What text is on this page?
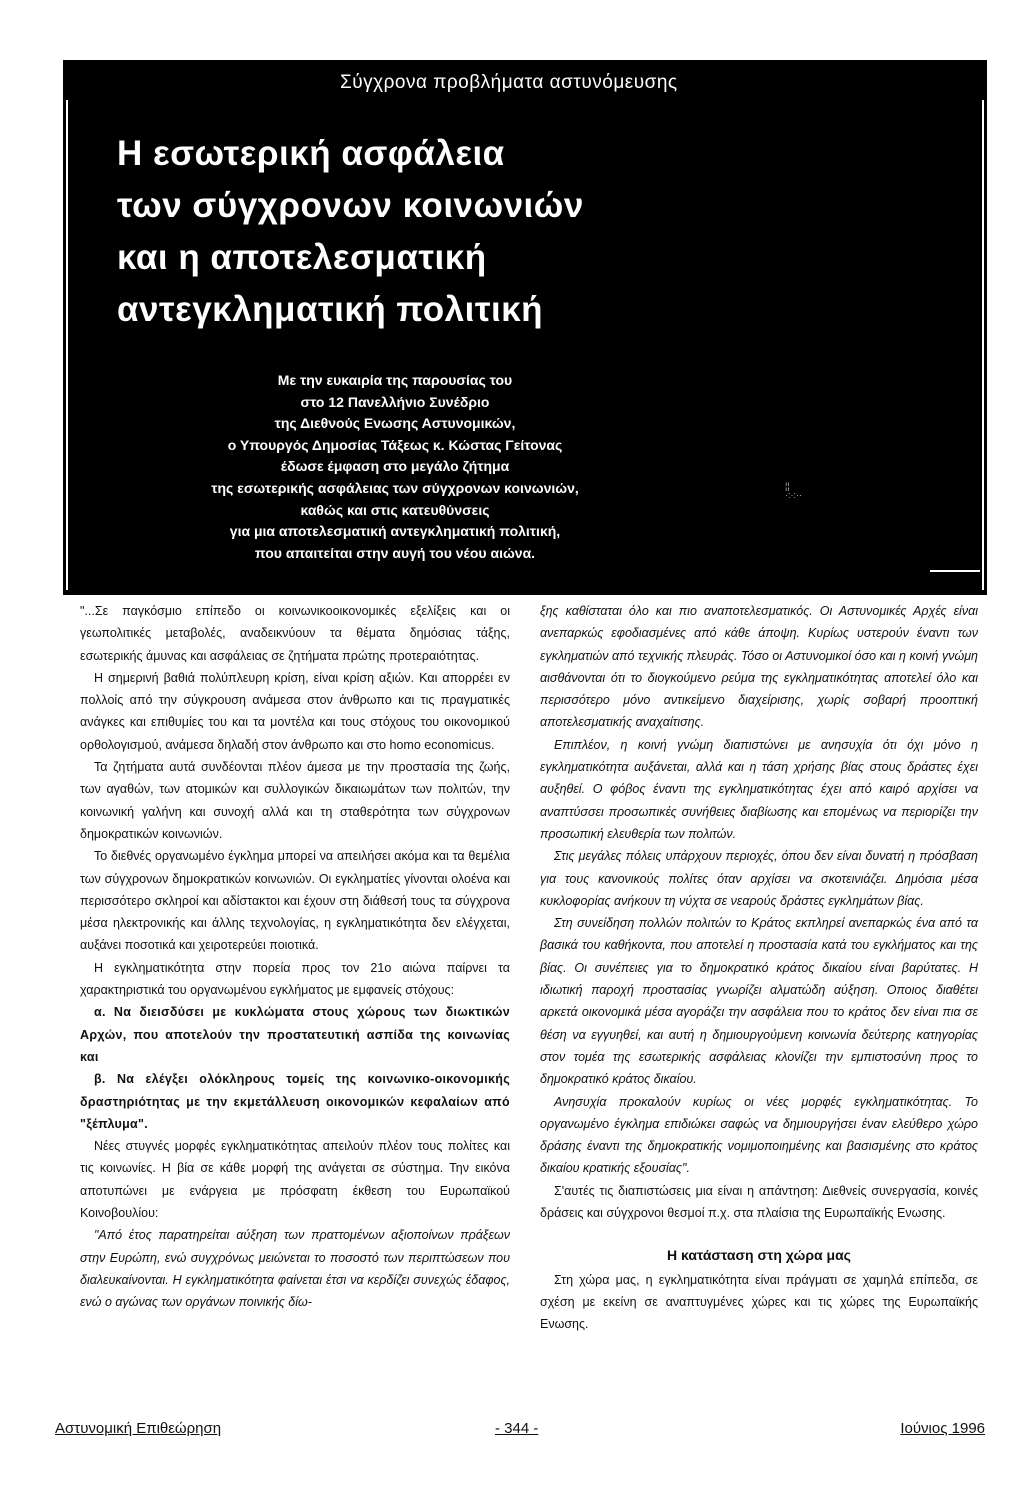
Σύγχρονα προβλήματα αστυνόμευσης

Η εσωτερική ασφάλεια
των σύγχρονων κοινωνιών
και η αποτελεσματική
αντεγκληματική πολιτική
Με την ευκαιρία της παρουσίας του
στο 12 Πανελλήνιο Συνέδριο
της Διεθνούς Ενωσης Αστυνομικών,
ο Υπουργός Δημοσίας Τάξεως κ. Κώστας Γείτονας
έδωσε έμφαση στο μεγάλο ζήτημα
της εσωτερικής ασφάλειας των σύγχρονων κοινωνιών,
καθώς και στις κατευθύνσεις
για μια αποτελεσματική αντεγκληματική πολιτική,
που απαιτείται στην αυγή του νέου αιώνα.
¦¦
·:·:··

"...Σε παγκόσμιο επίπεδο οι κοινωνικοοικονομικές εξελίξεις και οι γεωπολιτικές μεταβολές, αναδεικνύουν τα θέματα δημόσιας τάξης, εσωτερικής άμυνας και ασφάλειας σε ζητήματα πρώτης προτεραιότητας.

Η σημερινή βαθιά πολύπλευρη κρίση, είναι κρίση αξιών. Και απορρέει εν πολλοίς από την σύγκρουση ανάμεσα στον άνθρωπο και τις πραγματικές ανάγκες και επιθυμίες του και τα μοντέλα και τους στόχους του οικονομικού ορθολογισμού, ανάμεσα δηλαδή στον άνθρωπο και στο homo economicus.

Τα ζητήματα αυτά συνδέονται πλέον άμεσα με την προστασία της ζωής, των αγαθών, των ατομικών και συλλογικών δικαιωμάτων των πολιτών, την κοινωνική γαλήνη και συνοχή αλλά και τη σταθερότητα των σύγχρονων δημοκρατικών κοινωνιών.

Το διεθνές οργανωμένο έγκλημα μπορεί να απειλήσει ακόμα και τα θεμέλια των σύγχρονων δημοκρατικών κοινωνιών. Οι εγκληματίες γίνονται ολοένα και περισσότερο σκληροί και αδίστακτοι και έχουν στη διάθεσή τους τα σύγχρονα μέσα ηλεκτρονικής και άλλης τεχνολογίας, η εγκληματικότητα δεν ελέγχεται, αυξάνει ποσοτικά και χειροτερεύει ποιοτικά.

Η εγκληματικότητα στην πορεία προς τον 21ο αιώνα παίρνει τα χαρακτηριστικά του οργανωμένου εγκλήματος με εμφανείς στόχους:

α. Να διεισδύσει με κυκλώματα στους χώρους των διωκτικών Αρχών, που αποτελούν την προστατευτική ασπίδα της κοινωνίας και

β. Να ελέγξει ολόκληρους τομείς της κοινωνικο-οικονομικής δραστηριότητας με την εκμετάλλευση οικονομικών κεφαλαίων από "ξέπλυμα".

Νέες στυγνές μορφές εγκληματικότητας απειλούν πλέον τους πολίτες και τις κοινωνίες. Η βία σε κάθε μορφή της ανάγεται σε σύστημα. Την εικόνα αποτυπώνει με ενάργεια με πρόσφατη έκθεση του Ευρωπαϊκού Κοινοβουλίου:

"Από έτος παρατηρείται αύξηση των πραττομένων αξιοποίνων πράξεων στην Ευρώπη, ενώ συγχρόνως μειώνεται το ποσοστό των περιπτώσεων που διαλευκαίνονται. Η εγκληματικότητα φαίνεται έτσι να κερδίζει συνεχώς έδαφος, ενώ ο αγώνας των οργάνων ποινικής δίω-

ξης καθίσταται όλο και πιο αναποτελεσματικός. Οι Αστυνομικές Αρχές είναι ανεπαρκώς εφοδιασμένες από κάθε άποψη. Κυρίως υστερούν έναντι των εγκληματιών από τεχνικής πλευράς. Τόσο οι Αστυνομικοί όσο και η κοινή γνώμη αισθάνονται ότι το διογκούμενο ρεύμα της εγκληματικότητας αποτελεί όλο και περισσότερο μόνο αντικείμενο διαχείρισης, χωρίς σοβαρή προοπτική αποτελεσματικής αναχαίτισης.

Επιπλέον, η κοινή γνώμη διαπιστώνει με ανησυχία ότι όχι μόνο η εγκληματικότητα αυξάνεται, αλλά και η τάση χρήσης βίας στους δράστες έχει αυξηθεί. Ο φόβος έναντι της εγκληματικότητας έχει από καιρό αρχίσει να αναπτύσσει προσωπικές συνήθειες διαβίωσης και επομένως να περιορίζει την προσωπική ελευθερία των πολιτών.

Στις μεγάλες πόλεις υπάρχουν περιοχές, όπου δεν είναι δυνατή η πρόσβαση για τους κανονικούς πολίτες όταν αρχίσει να σκοτεινιάζει. Δημόσια μέσα κυκλοφορίας ανήκουν τη νύχτα σε νεαρούς δράστες εγκλημάτων βίας.

Στη συνείδηση πολλών πολιτών το Κράτος εκπληρεί ανεπαρκώς ένα από τα βασικά του καθήκοντα, που αποτελεί η προστασία κατά του εγκλήματος και της βίας. Οι συνέπειες για το δημοκρατικό κράτος δικαίου είναι βαρύτατες. Η ιδιωτική παροχή προστασίας γνωρίζει αλματώδη αύξηση. Οποιος διαθέτει αρκετά οικονομικά μέσα αγοράζει την ασφάλεια που το κράτος δεν είναι πια σε θέση να εγγυηθεί, και αυτή η δημιουργούμενη κοινωνία δεύτερης κατηγορίας στον τομέα της εσωτερικής ασφάλειας κλονίζει την εμπιστοσύνη προς το δημοκρατικό κράτος δικαίου.

Ανησυχία προκαλούν κυρίως οι νέες μορφές εγκληματικότητας. Το οργανωμένο έγκλημα επιδιώκει σαφώς να δημιουργήσει έναν ελεύθερο χώρο δράσης έναντι της δημοκρατικής νομιμοποιημένης και βασισμένης στο κράτος δικαίου κρατικής εξουσίας".

Σ'αυτές τις διαπιστώσεις μια είναι η απάντηση: Διεθνείς συνεργασία, κοινές δράσεις και σύγχρονοι θεσμοί π.χ. στα πλαίσια της Ευρωπαϊκής Ενωσης.

Η κατάσταση στη χώρα μας

Στη χώρα μας, η εγκληματικότητα είναι πράγματι σε χαμηλά επίπεδα, σε σχέση με εκείνη σε αναπτυγμένες χώρες και τις χώρες της Ευρωπαϊκής Ενωσης.

Αστυνομική Επιθεώρηση	- 344 -	Ιούνιος 1996
